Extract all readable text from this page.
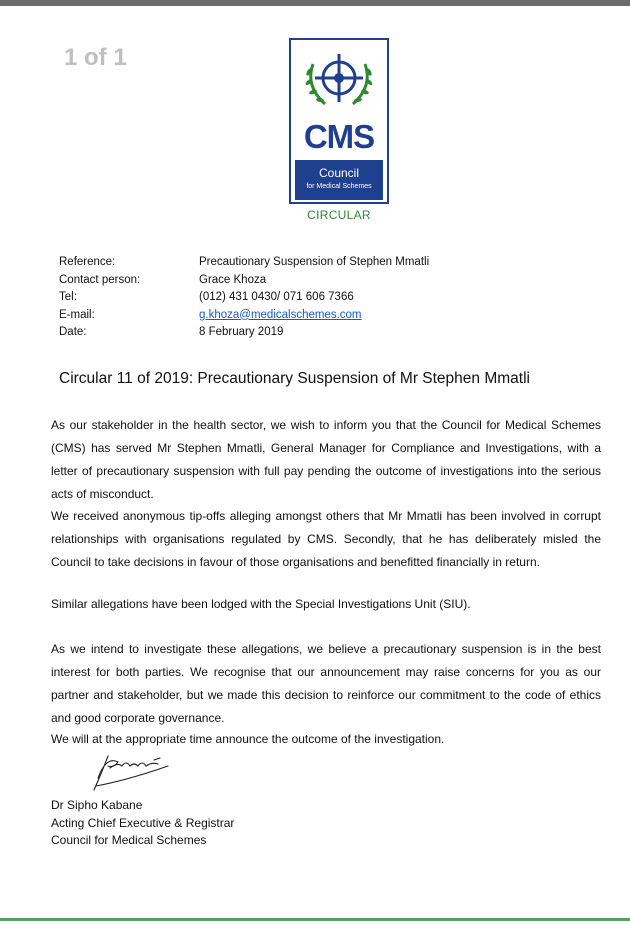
1 of 1
CMS
Council
for Medical Schemes
CIRCULAR
Reference:	Precautionary Suspension of Stephen Mmatli
Contact person:	Grace Khoza
Tel:	(012) 431 0430/ 071 606 7366
E-mail:	g.khoza@medicalschemes.com
Date:	8 February 2019
Circular 11 of 2019: Precautionary Suspension of Mr Stephen Mmatli

As our stakeholder in the health sector, we wish to inform you that the Council for Medical Schemes (CMS) has served Mr Stephen Mmatli, General Manager for Compliance and Investigations, with a letter of precautionary suspension with full pay pending the outcome of investigations into the serious acts of misconduct.

We received anonymous tip-offs alleging amongst others that Mr Mmatli has been involved in corrupt relationships with organisations regulated by CMS. Secondly, that he has deliberately misled the Council to take decisions in favour of those organisations and benefitted financially in return.

Similar allegations have been lodged with the Special Investigations Unit (SIU).

As we intend to investigate these allegations, we believe a precautionary suspension is in the best interest for both parties. We recognise that our announcement may raise concerns for you as our partner and stakeholder, but we made this decision to reinforce our commitment to the code of ethics and good corporate governance.

We will at the appropriate time announce the outcome of the investigation.

Dr Sipho Kabane
Acting Chief Executive & Registrar
Council for Medical Schemes
